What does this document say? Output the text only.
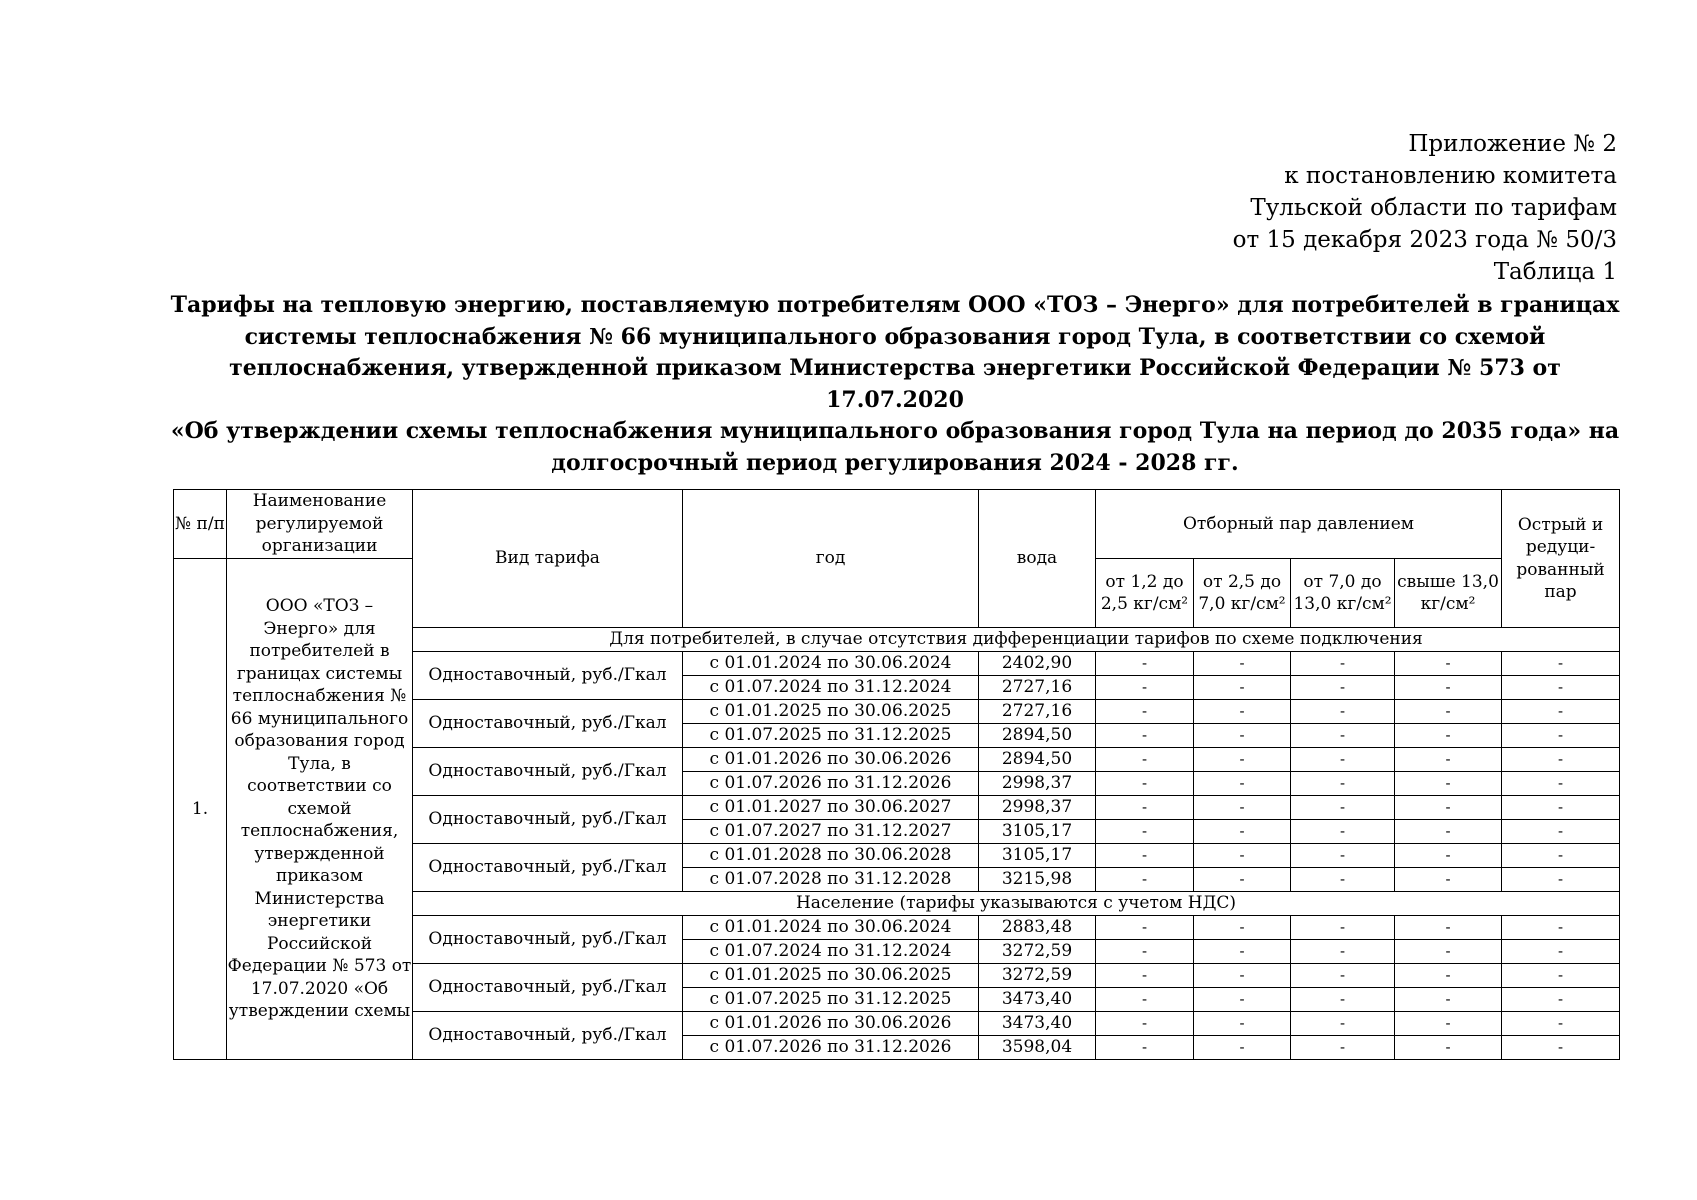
Приложение № 2
к постановлению комитета
Тульской области по тарифам
от 15 декабря 2023 года № 50/3
Таблица 1
Тарифы на тепловую энергию, поставляемую потребителям ООО «ТОЗ – Энерго» для потребителей в границах
системы теплоснабжения № 66 муниципального образования город Тула, в соответствии со схемой
теплоснабжения, утвержденной приказом Министерства энергетики Российской Федерации № 573 от 17.07.2020
«Об утверждении схемы теплоснабжения муниципального образования город Тула на период до 2035 года» на
долгосрочный период регулирования 2024 - 2028 гг.
№ п/п	Наименование регулируемой организации	Вид тарифа	год	вода	Отборный пар давлением				Острый и редуци-рованный пар
1.	ООО «ТОЗ – Энерго» для потребителей в границах системы теплоснабжения № 66 муниципального образования город Тула, в соответствии со схемой теплоснабжения, утвержденной приказом Министерства энергетики Российской Федерации № 573 от 17.07.2020 «Об утверждении схемы				от 1,2 до 2,5 кг/см²	от 2,5 до 7,0 кг/см²	от 7,0 до 13,0 кг/см²	свыше 13,0 кг/см²	
		Для потребителей, в случае отсутствия дифференциации тарифов по схеме подключения							
		Одноставочный, руб./Гкал	с 01.01.2024 по 30.06.2024	2402,90	-	-	-	-	-
			с 01.07.2024 по 31.12.2024	2727,16	-	-	-	-	-
		Одноставочный, руб./Гкал	с 01.01.2025 по 30.06.2025	2727,16	-	-	-	-	-
			с 01.07.2025 по 31.12.2025	2894,50	-	-	-	-	-
		Одноставочный, руб./Гкал	с 01.01.2026 по 30.06.2026	2894,50	-	-	-	-	-
			с 01.07.2026 по 31.12.2026	2998,37	-	-	-	-	-
		Одноставочный, руб./Гкал	с 01.01.2027 по 30.06.2027	2998,37	-	-	-	-	-
			с 01.07.2027 по 31.12.2027	3105,17	-	-	-	-	-
		Одноставочный, руб./Гкал	с 01.01.2028 по 30.06.2028	3105,17	-	-	-	-	-
			с 01.07.2028 по 31.12.2028	3215,98	-	-	-	-	-
		Население (тарифы указываются с учетом НДС)							
		Одноставочный, руб./Гкал	с 01.01.2024 по 30.06.2024	2883,48	-	-	-	-	-
			с 01.07.2024 по 31.12.2024	3272,59	-	-	-	-	-
		Одноставочный, руб./Гкал	с 01.01.2025 по 30.06.2025	3272,59	-	-	-	-	-
			с 01.07.2025 по 31.12.2025	3473,40	-	-	-	-	-
		Одноставочный, руб./Гкал	с 01.01.2026 по 30.06.2026	3473,40	-	-	-	-	-
			с 01.07.2026 по 31.12.2026	3598,04	-	-	-	-	-
